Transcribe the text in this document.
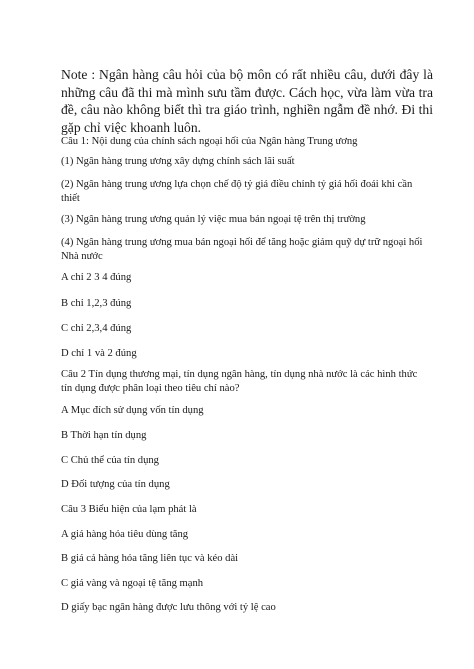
Note : Ngân hàng câu hỏi của bộ môn có rất nhiều câu, dưới đây là những câu đã thi mà mình sưu tầm được. Cách học, vừa làm vừa tra đề, câu nào không biết thì tra giáo trình, nghiền ngẫm đề nhớ. Đi thi gặp chỉ việc khoanh luôn.
Câu 1: Nội dung của chính sách ngoại hối của Ngân hàng Trung ương
(1) Ngân hàng trung ương xây dựng chính sách lãi suất
(2) Ngân hàng trung ương lựa chọn chế độ tỷ giá điều chỉnh tỷ giá hối đoái khi cần thiết
(3) Ngân hàng trung ương quản lý việc mua bán ngoại tệ trên thị trường
(4) Ngân hàng trung ương mua bán ngoại hối để tăng hoặc giảm quỹ dự trữ ngoại hối Nhà nước
A chỉ 2 3 4 đúng
B chỉ 1,2,3 đúng
C chỉ 2,3,4 đúng
D chỉ 1 và 2 đúng
Câu 2 Tín dụng thương mại, tín dụng ngân hàng, tín dụng nhà nước là các hình thức tín dụng được phân loại theo tiêu chí nào?
A Mục đích sử dụng vốn tín dụng
B Thời hạn tín dụng
C Chủ thể của tín dụng
D Đối tượng của tín dụng
Câu 3 Biểu hiện của lạm phát là
A giá hàng hóa tiêu dùng tăng
B giá cả hàng hóa tăng liên tục và kéo dài
C giá vàng và ngoại tệ tăng mạnh
D giấy bạc ngân hàng được lưu thông với tỷ lệ cao
